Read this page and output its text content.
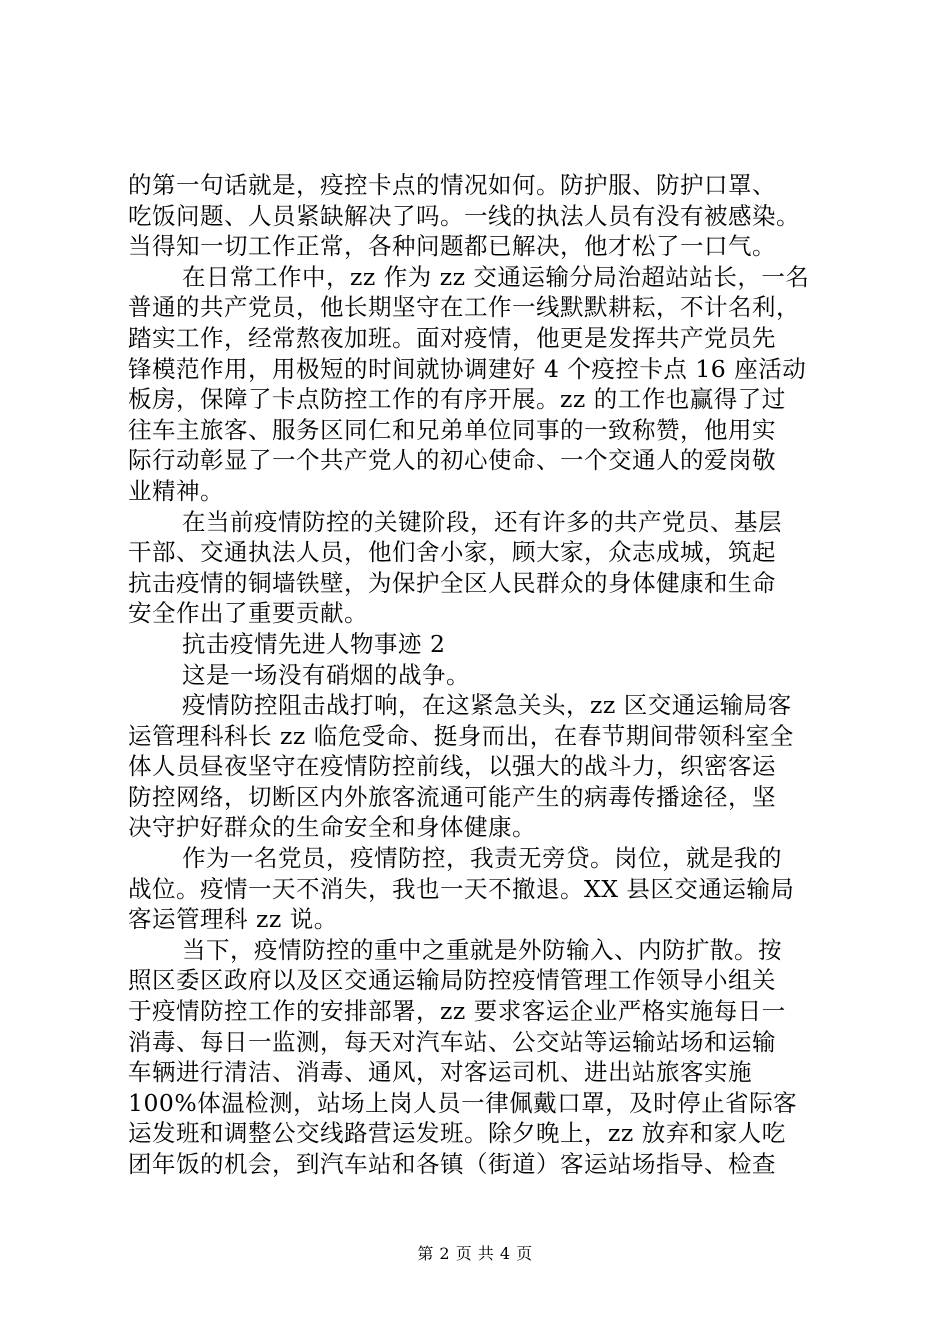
的第一句话就是，疫控卡点的情况如何。防护服、防护口罩、
吃饭问题、人员紧缺解决了吗。一线的执法人员有没有被感染。
当得知一切工作正常，各种问题都已解决，他才松了一口气。
在日常工作中，zz 作为 zz 交通运输分局治超站站长，一名
普通的共产党员，他长期坚守在工作一线默默耕耘，不计名利，
踏实工作，经常熬夜加班。面对疫情，他更是发挥共产党员先
锋模范作用，用极短的时间就协调建好 4 个疫控卡点 16 座活动
板房，保障了卡点防控工作的有序开展。zz 的工作也赢得了过
往车主旅客、服务区同仁和兄弟单位同事的一致称赞，他用实
际行动彰显了一个共产党人的初心使命、一个交通人的爱岗敬
业精神。
在当前疫情防控的关键阶段，还有许多的共产党员、基层
干部、交通执法人员，他们舍小家，顾大家，众志成城，筑起
抗击疫情的铜墙铁壁，为保护全区人民群众的身体健康和生命
安全作出了重要贡献。
抗击疫情先进人物事迹 2
这是一场没有硝烟的战争。
疫情防控阻击战打响，在这紧急关头，zz 区交通运输局客
运管理科科长 zz 临危受命、挺身而出，在春节期间带领科室全
体人员昼夜坚守在疫情防控前线，以强大的战斗力，织密客运
防控网络，切断区内外旅客流通可能产生的病毒传播途径，坚
决守护好群众的生命安全和身体健康。
作为一名党员，疫情防控，我责无旁贷。岗位，就是我的
战位。疫情一天不消失，我也一天不撤退。XX 县区交通运输局
客运管理科 zz 说。
当下，疫情防控的重中之重就是外防输入、内防扩散。按
照区委区政府以及区交通运输局防控疫情管理工作领导小组关
于疫情防控工作的安排部署，zz 要求客运企业严格实施每日一
消毒、每日一监测，每天对汽车站、公交站等运输站场和运输
车辆进行清洁、消毒、通风，对客运司机、进出站旅客实施
100%体温检测，站场上岗人员一律佩戴口罩，及时停止省际客
运发班和调整公交线路营运发班。除夕晚上，zz 放弃和家人吃
团年饭的机会，到汽车站和各镇（街道）客运站场指导、检查
第 2 页 共 4 页
